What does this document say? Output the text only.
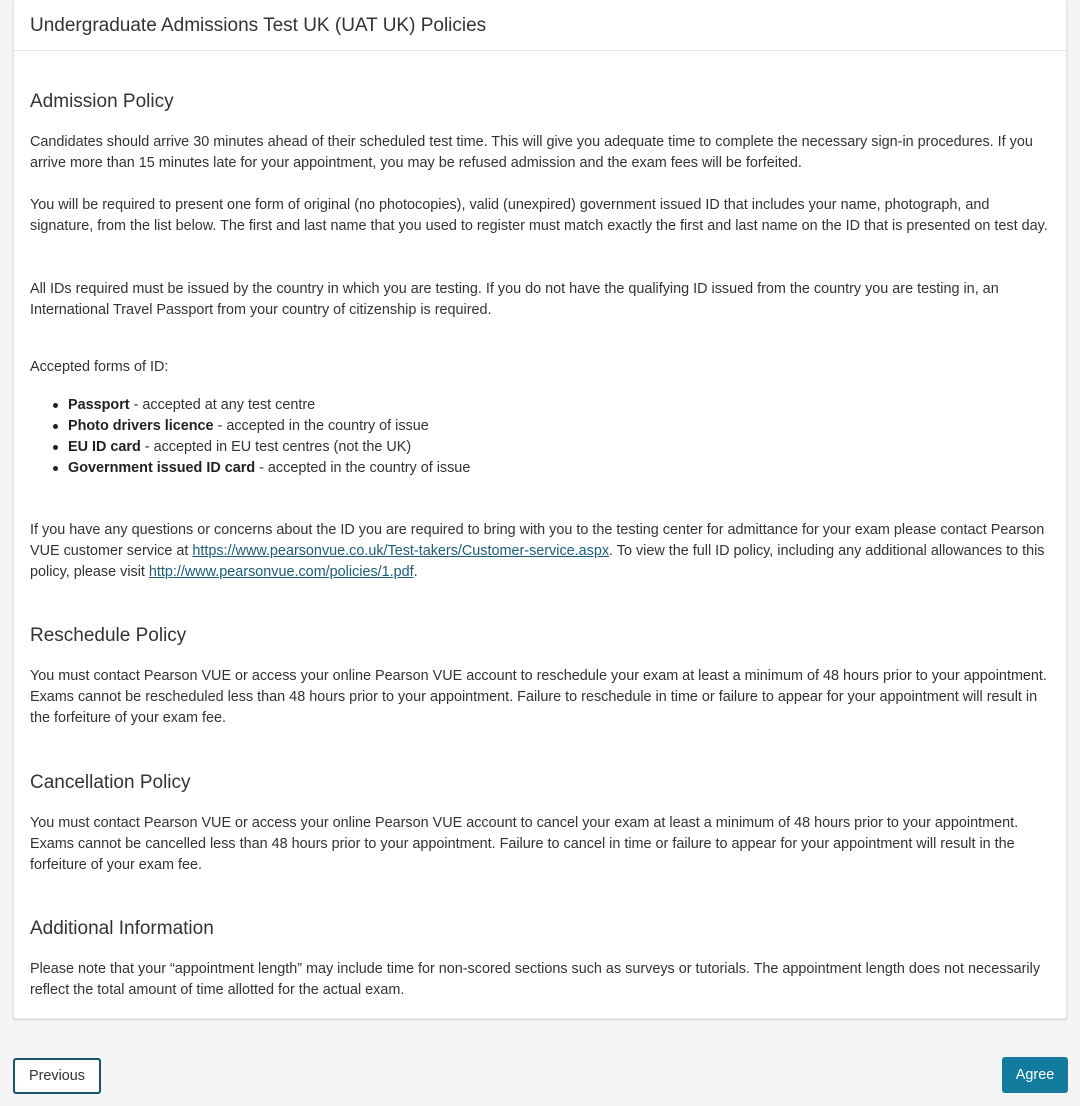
Undergraduate Admissions Test UK (UAT UK) Policies
Admission Policy

Candidates should arrive 30 minutes ahead of their scheduled test time. This will give you adequate time to complete the necessary sign-in procedures. If you arrive more than 15 minutes late for your appointment, you may be refused admission and the exam fees will be forfeited.

You will be required to present one form of original (no photocopies), valid (unexpired) government issued ID that includes your name, photograph, and signature, from the list below. The first and last name that you used to register must match exactly the first and last name on the ID that is presented on test day.

All IDs required must be issued by the country in which you are testing. If you do not have the qualifying ID issued from the country you are testing in, an International Travel Passport from your country of citizenship is required.

Accepted forms of ID:

Passport - accepted at any test centre
Photo drivers licence - accepted in the country of issue
EU ID card - accepted in EU test centres (not the UK)
Government issued ID card - accepted in the country of issue

If you have any questions or concerns about the ID you are required to bring with you to the testing center for admittance for your exam please contact Pearson VUE customer service at https://www.pearsonvue.co.uk/Test-takers/Customer-service.aspx. To view the full ID policy, including any additional allowances to this policy, please visit http://www.pearsonvue.com/policies/1.pdf.

Reschedule Policy

You must contact Pearson VUE or access your online Pearson VUE account to reschedule your exam at least a minimum of 48 hours prior to your appointment. Exams cannot be rescheduled less than 48 hours prior to your appointment. Failure to reschedule in time or failure to appear for your appointment will result in the forfeiture of your exam fee.

Cancellation Policy

You must contact Pearson VUE or access your online Pearson VUE account to cancel your exam at least a minimum of 48 hours prior to your appointment. Exams cannot be cancelled less than 48 hours prior to your appointment. Failure to cancel in time or failure to appear for your appointment will result in the forfeiture of your exam fee.

Additional Information

Please note that your “appointment length” may include time for non-scored sections such as surveys or tutorials. The appointment length does not necessarily reflect the total amount of time allotted for the actual exam.

Previous	Agree
